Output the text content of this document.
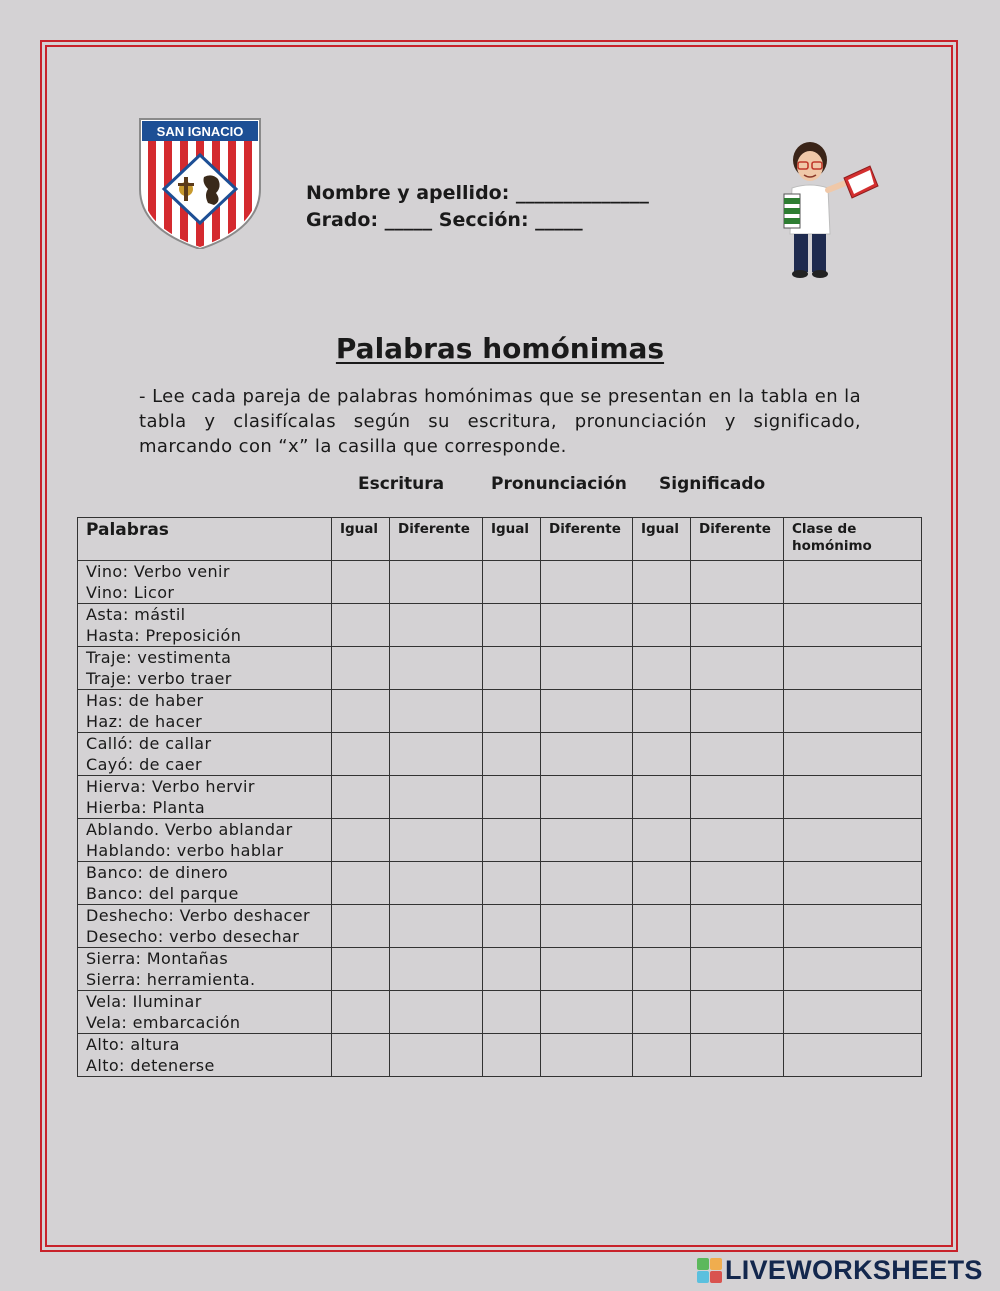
SAN IGNACIO
Nombre y apellido: ______________
Grado: _____ Sección: _____
Palabras homónimas
- Lee cada pareja de palabras homónimas que se presentan en la tabla en la tabla y clasifícalas según su escritura, pronunciación y significado, marcando con “x” la casilla que corresponde.
Escritura	Pronunciación Significado
Palabras	Igual	Diferente	Igual	Diferente	Igual	Diferente	Clase de homónimo

Vino: Verbo venir
Vino: Licor							

Asta: mástil
Hasta: Preposición							

Traje: vestimenta
Traje: verbo traer							

Has: de haber
Haz: de hacer							

Calló: de callar
Cayó: de caer							

Hierva: Verbo hervir
Hierba: Planta							

Ablando. Verbo ablandar
Hablando: verbo hablar							

Banco: de dinero
Banco: del parque							

Deshecho: Verbo deshacer
Desecho: verbo desechar							

Sierra: Montañas
Sierra: herramienta.							

Vela: Iluminar
Vela: embarcación							

Alto: altura
Alto: detenerse							

LIVEWORKSHEETS
